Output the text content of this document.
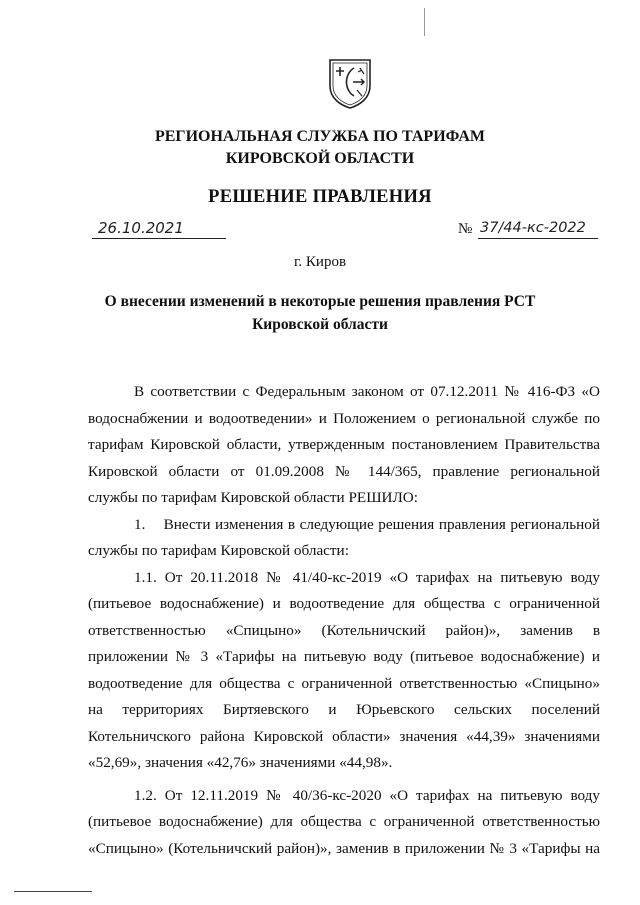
РЕГИОНАЛЬНАЯ СЛУЖБА ПО ТАРИФАМ
КИРОВСКОЙ ОБЛАСТИ
РЕШЕНИЕ ПРАВЛЕНИЯ
26.10.2021	№ 37/44-кс-2022
г. Киров
О внесении изменений в некоторые решения правления РСТ
Кировской области
В соответствии с Федеральным законом от 07.12.2011 № 416-ФЗ «О
водоснабжении и водоотведении» и Положением о региональной службе по
тарифам Кировской области, утвержденным постановлением Правительства
Кировской области от 01.09.2008 № 144/365, правление региональной
службы по тарифам Кировской области РЕШИЛО:
1.    Внести изменения в следующие решения правления региональной
службы по тарифам Кировской области:
1.1. От 20.11.2018 № 41/40-кс-2019 «О тарифах на питьевую воду
(питьевое водоснабжение) и водоотведение для общества с ограниченной
ответственностью «Спицыно» (Котельничский район)», заменив в
приложении № 3 «Тарифы на питьевую воду (питьевое водоснабжение) и
водоотведение для общества с ограниченной ответственностью «Спицыно»
на территориях Биртяевского и Юрьевского сельских поселений
Котельничского района Кировской области» значения «44,39» значениями
«52,69», значения «42,76» значениями «44,98».
1.2. От 12.11.2019 № 40/36-кс-2020 «О тарифах на питьевую воду
(питьевое водоснабжение) для общества с ограниченной ответственностью
«Спицыно» (Котельничский район)», заменив в приложении № 3 «Тарифы на
